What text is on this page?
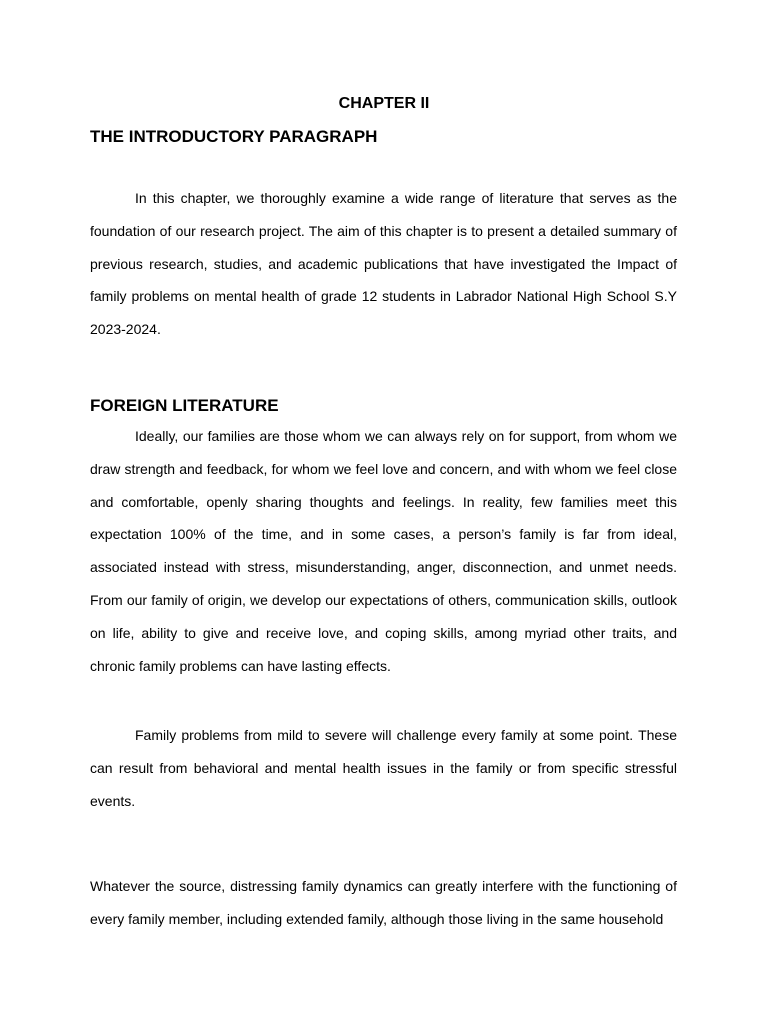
CHAPTER II
THE INTRODUCTORY PARAGRAPH

In this chapter, we thoroughly examine a wide range of literature that serves as the foundation of our research project. The aim of this chapter is to present a detailed summary of previous research, studies, and academic publications that have investigated the Impact of family problems on mental health of grade 12 students in Labrador National High School S.Y 2023-2024.

FOREIGN LITERATURE

Ideally, our families are those whom we can always rely on for support, from whom we draw strength and feedback, for whom we feel love and concern, and with whom we feel close and comfortable, openly sharing thoughts and feelings. In reality, few families meet this expectation 100% of the time, and in some cases, a person’s family is far from ideal, associated instead with stress, misunderstanding, anger, disconnection, and unmet needs. From our family of origin, we develop our expectations of others, communication skills, outlook on life, ability to give and receive love, and coping skills, among myriad other traits, and chronic family problems can have lasting effects.

Family problems from mild to severe will challenge every family at some point. These can result from behavioral and mental health issues in the family or from specific stressful events.

Whatever the source, distressing family dynamics can greatly interfere with the functioning of every family member, including extended family, although those living in the same household
